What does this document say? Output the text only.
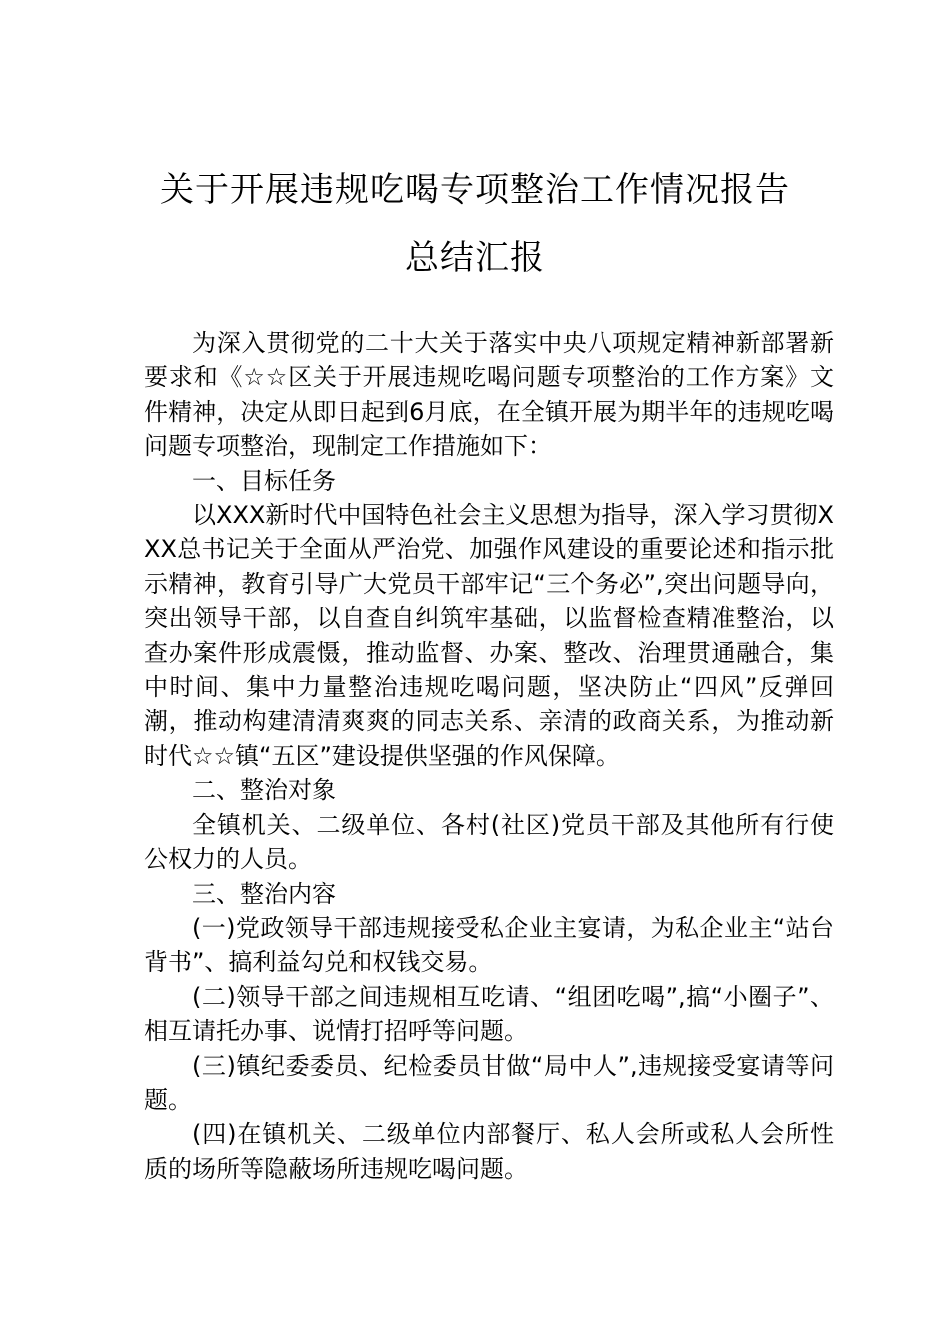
关于开展违规吃喝专项整治工作情况报告
总结汇报

为深入贯彻党的二十大关于落实中央八项规定精神新部署新要求和《☆☆区关于开展违规吃喝问题专项整治的工作方案》文件精神，决定从即日起到6月底，在全镇开展为期半年的违规吃喝问题专项整治，现制定工作措施如下：

一、目标任务

以XXX新时代中国特色社会主义思想为指导，深入学习贯彻XXX总书记关于全面从严治党、加强作风建设的重要论述和指示批示精神，教育引导广大党员干部牢记“三个务必”,突出问题导向，突出领导干部，以自查自纠筑牢基础，以监督检查精准整治，以查办案件形成震慑，推动监督、办案、整改、治理贯通融合，集中时间、集中力量整治违规吃喝问题，坚决防止“四风”反弹回潮，推动构建清清爽爽的同志关系、亲清的政商关系，为推动新时代☆☆镇“五区”建设提供坚强的作风保障。

二、整治对象

全镇机关、二级单位、各村(社区)党员干部及其他所有行使公权力的人员。

三、整治内容

(一)党政领导干部违规接受私企业主宴请，为私企业主“站台背书”、搞利益勾兑和权钱交易。

(二)领导干部之间违规相互吃请、“组团吃喝”,搞“小圈子”、相互请托办事、说情打招呼等问题。

(三)镇纪委委员、纪检委员甘做“局中人”,违规接受宴请等问题。

(四)在镇机关、二级单位内部餐厅、私人会所或私人会所性质的场所等隐蔽场所违规吃喝问题。
